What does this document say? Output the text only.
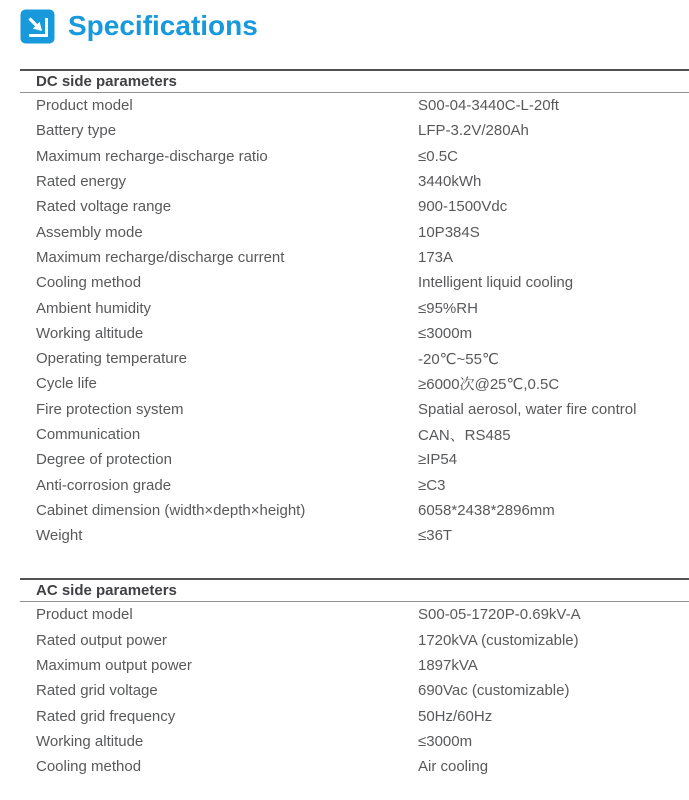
Specifications
DC side parameters
Product model	S00-04-3440C-L-20ft
Battery type	LFP-3.2V/280Ah
Maximum recharge-discharge ratio	≤0.5C
Rated energy	3440kWh
Rated voltage range	900-1500Vdc
Assembly mode	10P384S
Maximum recharge/discharge current	173A
Cooling method	Intelligent liquid cooling
Ambient humidity	≤95%RH
Working altitude	≤3000m
Operating temperature	-20℃~55℃
Cycle life	≥6000次@25℃,0.5C
Fire protection system	Spatial aerosol, water fire control
Communication	CAN、RS485
Degree of protection	≥IP54
Anti-corrosion grade	≥C3
Cabinet dimension (width×depth×height)	6058*2438*2896mm
Weight	≤36T
AC side parameters
Product model	S00-05-1720P-0.69kV-A
Rated output power	1720kVA (customizable)
Maximum output power	1897kVA
Rated grid voltage	690Vac (customizable)
Rated grid frequency	50Hz/60Hz
Working altitude	≤3000m
Cooling method	Air cooling
